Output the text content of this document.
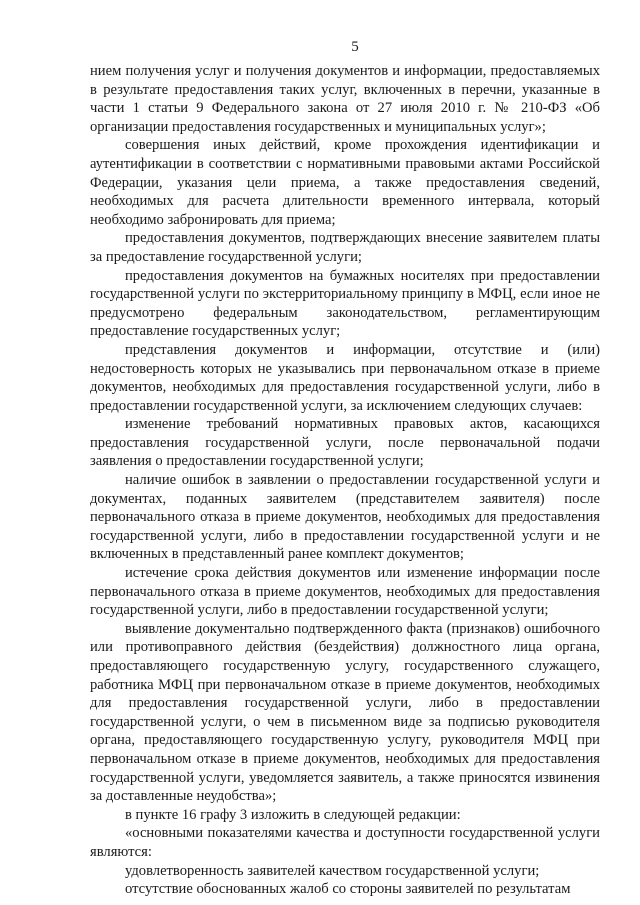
5

нием получения услуг и получения документов и информации, предоставляемых в результате предоставления таких услуг, включенных в перечни, указанные в части 1 статьи 9 Федерального закона от 27 июля 2010 г. № 210-ФЗ «Об организации предоставления государственных и муниципальных услуг»;

совершения иных действий, кроме прохождения идентификации и аутентификации в соответствии с нормативными правовыми актами Российской Федерации, указания цели приема, а также предоставления сведений, необходимых для расчета длительности временного интервала, который необходимо забронировать для приема;

предоставления документов, подтверждающих внесение заявителем платы за предоставление государственной услуги;

предоставления документов на бумажных носителях при предоставлении государственной услуги по экстерриториальному принципу в МФЦ, если иное не предусмотрено федеральным законодательством, регламентирующим предоставление государственных услуг;

представления документов и информации, отсутствие и (или) недостоверность которых не указывались при первоначальном отказе в приеме документов, необходимых для предоставления государственной услуги, либо в предоставлении государственной услуги, за исключением следующих случаев:

изменение требований нормативных правовых актов, касающихся предоставления государственной услуги, после первоначальной подачи заявления о предоставлении государственной услуги;

наличие ошибок в заявлении о предоставлении государственной услуги и документах, поданных заявителем (представителем заявителя) после первоначального отказа в приеме документов, необходимых для предоставления государственной услуги, либо в предоставлении государственной услуги и не включенных в представленный ранее комплект документов;

истечение срока действия документов или изменение информации после первоначального отказа в приеме документов, необходимых для предоставления государственной услуги, либо в предоставлении государственной услуги;

выявление документально подтвержденного факта (признаков) ошибочного или противоправного действия (бездействия) должностного лица органа, предоставляющего государственную услугу, государственного служащего, работника МФЦ при первоначальном отказе в приеме документов, необходимых для предоставления государственной услуги, либо в предоставлении государственной услуги, о чем в письменном виде за подписью руководителя органа, предоставляющего государственную услугу, руководителя МФЦ при первоначальном отказе в приеме документов, необходимых для предоставления государственной услуги, уведомляется заявитель, а также приносятся извинения за доставленные неудобства»;

в пункте 16 графу 3 изложить в следующей редакции:

«основными показателями качества и доступности государственной услуги являются:

удовлетворенность заявителей качеством государственной услуги;

отсутствие обоснованных жалоб со стороны заявителей по результатам
